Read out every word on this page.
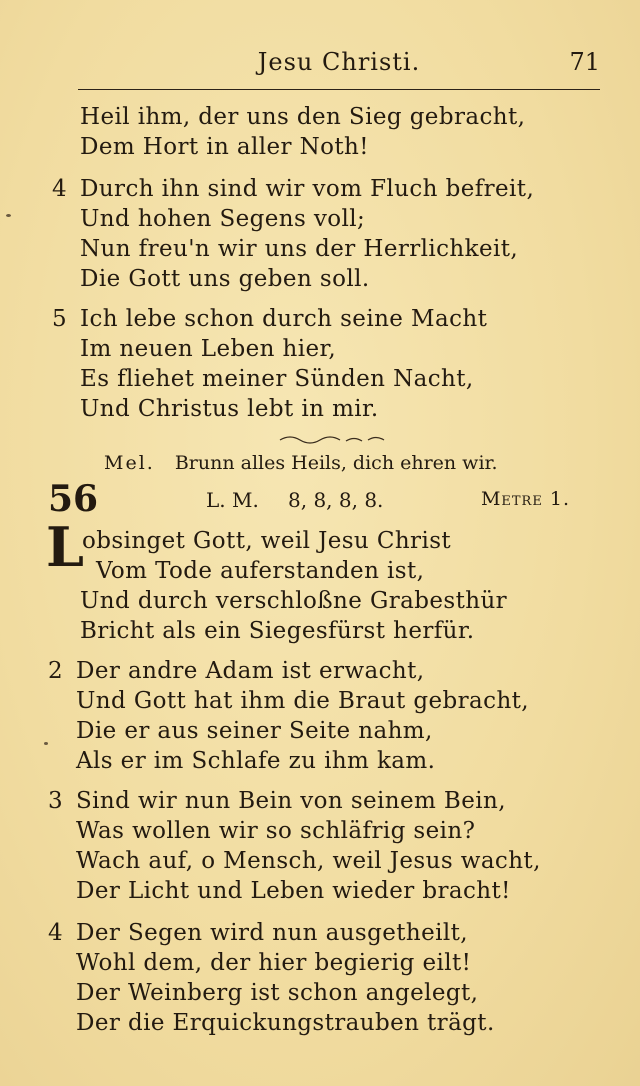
Jesu Christi.	71
Heil ihm, der uns den Sieg gebracht,
Dem Hort in aller Noth!
4 Durch ihn sind wir vom Fluch befreit,
Und hohen Segens voll;
Nun freu'n wir uns der Herrlichkeit,
Die Gott uns geben soll.
5 Ich lebe schon durch seine Macht
Im neuen Leben hier,
Es fliehet meiner Sünden Nacht,
Und Christus lebt in mir.
Mel. Brunn alles Heils, dich ehren wir.
56	L. M. 8, 8, 8, 8.	Metre 1.
L
obsinget Gott, weil Jesu Christ
Vom Tode auferstanden ist,
Und durch verschloßne Grabesthür
Bricht als ein Siegesfürst herfür.
2 Der andre Adam ist erwacht,
Und Gott hat ihm die Braut gebracht,
Die er aus seiner Seite nahm,
Als er im Schlafe zu ihm kam.
3 Sind wir nun Bein von seinem Bein,
Was wollen wir so schläfrig sein?
Wach auf, o Mensch, weil Jesus wacht,
Der Licht und Leben wieder bracht!
4 Der Segen wird nun ausgetheilt,
Wohl dem, der hier begierig eilt!
Der Weinberg ist schon angelegt,
Der die Erquickungstrauben trägt.
